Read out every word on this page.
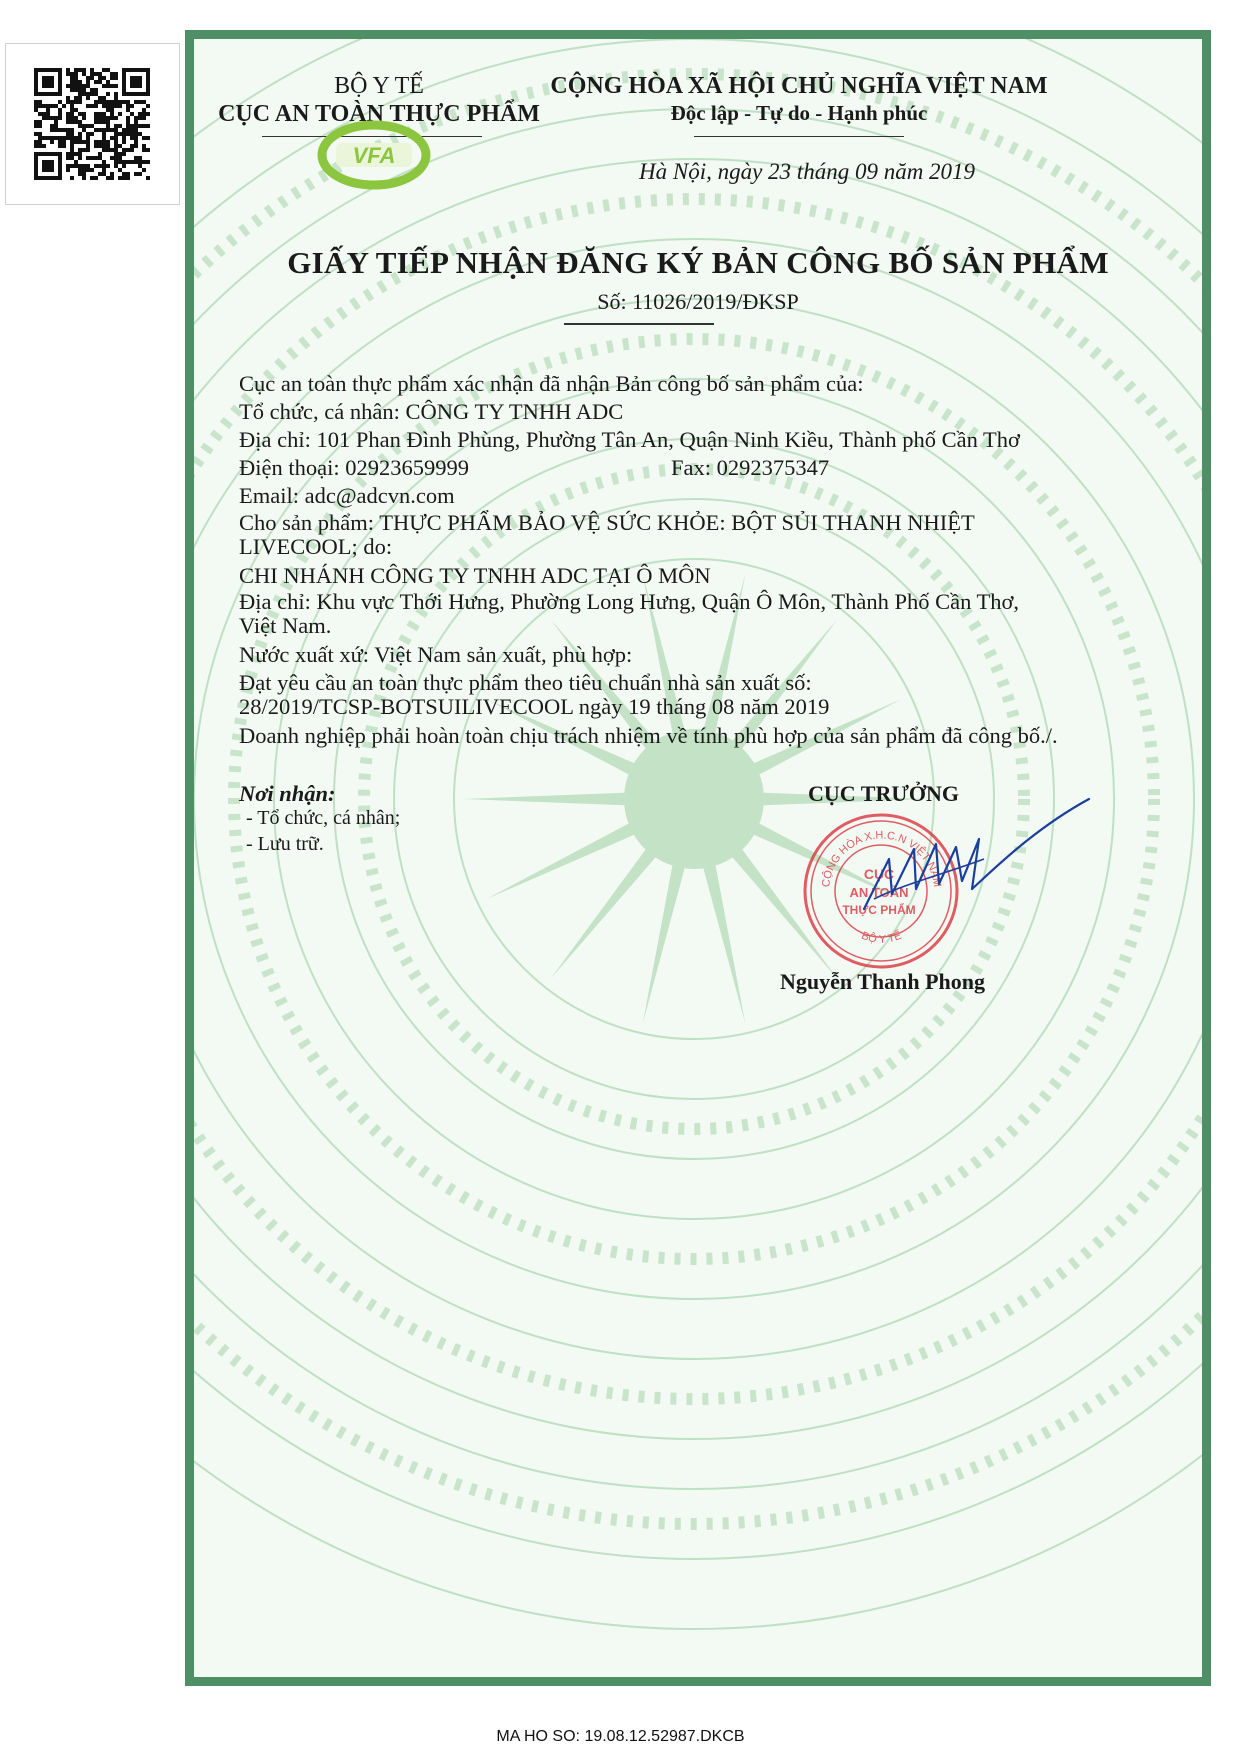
BỘ Y TẾ
CỤC AN TOÀN THỰC PHẨM
VFA
CỘNG HÒA XÃ HỘI CHỦ NGHĨA VIỆT NAM
Độc lập - Tự do - Hạnh phúc
Hà Nội, ngày 23 tháng 09 năm 2019
GIẤY TIẾP NHẬN ĐĂNG KÝ BẢN CÔNG BỐ SẢN PHẨM
Số: 11026/2019/ĐKSP
Cục an toàn thực phẩm xác nhận đã nhận Bản công bố sản phẩm của:
Tổ chức, cá nhân: CÔNG TY TNHH ADC
Địa chỉ: 101 Phan Đình Phùng, Phường Tân An, Quận Ninh Kiều, Thành phố Cần Thơ
Điện thoại: 02923659999	Fax: 0292375347
Email: adc@adcvn.com
Cho sản phẩm: THỰC PHẨM BẢO VỆ SỨC KHỎE: BỘT SỦI THANH NHIỆT
LIVECOOL; do:
CHI NHÁNH CÔNG TY TNHH ADC TẠI Ô MÔN
Địa chỉ: Khu vực Thới Hưng, Phường Long Hưng, Quận Ô Môn, Thành Phố Cần Thơ,
Việt Nam.
Nước xuất xứ: Việt Nam sản xuất, phù hợp:
Đạt yêu cầu an toàn thực phẩm theo tiêu chuẩn nhà sản xuất số:
28/2019/TCSP-BOTSUILIVECOOL ngày 19 tháng 08 năm 2019
Doanh nghiệp phải hoàn toàn chịu trách nhiệm về tính phù hợp của sản phẩm đã công bố./.
Nơi nhận:
- Tổ chức, cá nhân;
- Lưu trữ.
CỤC TRƯỞNG
CỘNG HÒA X.H.C.N VIỆT NAM
BỘ Y TẾ
CỤC
AN TOÀN
THỰC PHẨM
Nguyễn Thanh Phong
MA HO SO: 19.08.12.52987.DKCB
